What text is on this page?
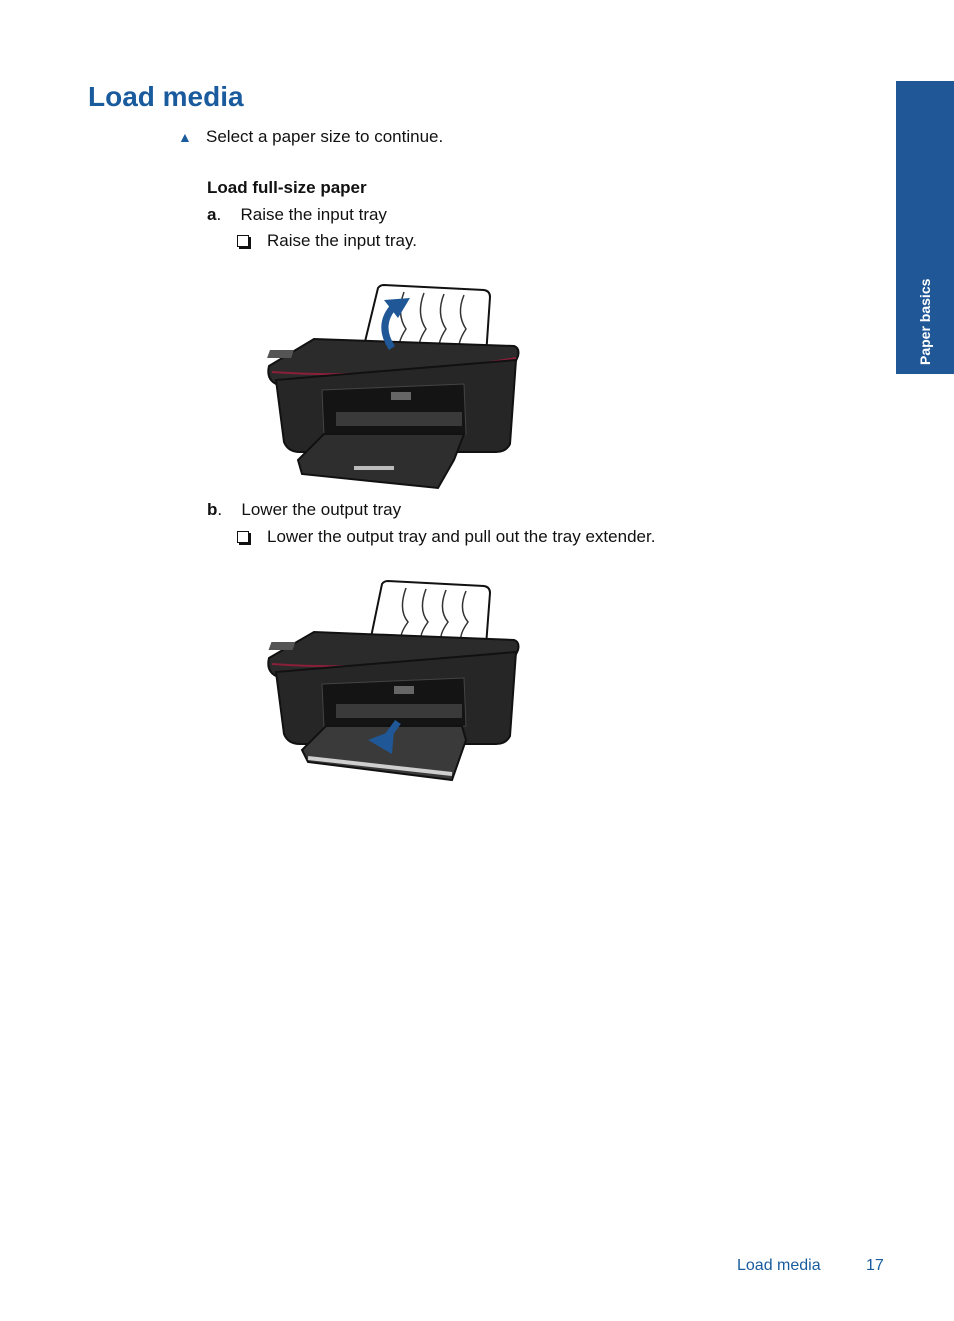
Load media
Paper basics
▲ Select a paper size to continue.
Load full-size paper
a. Raise the input tray
Raise the input tray.
b. Lower the output tray
Lower the output tray and pull out the tray extender.
Load media	17
